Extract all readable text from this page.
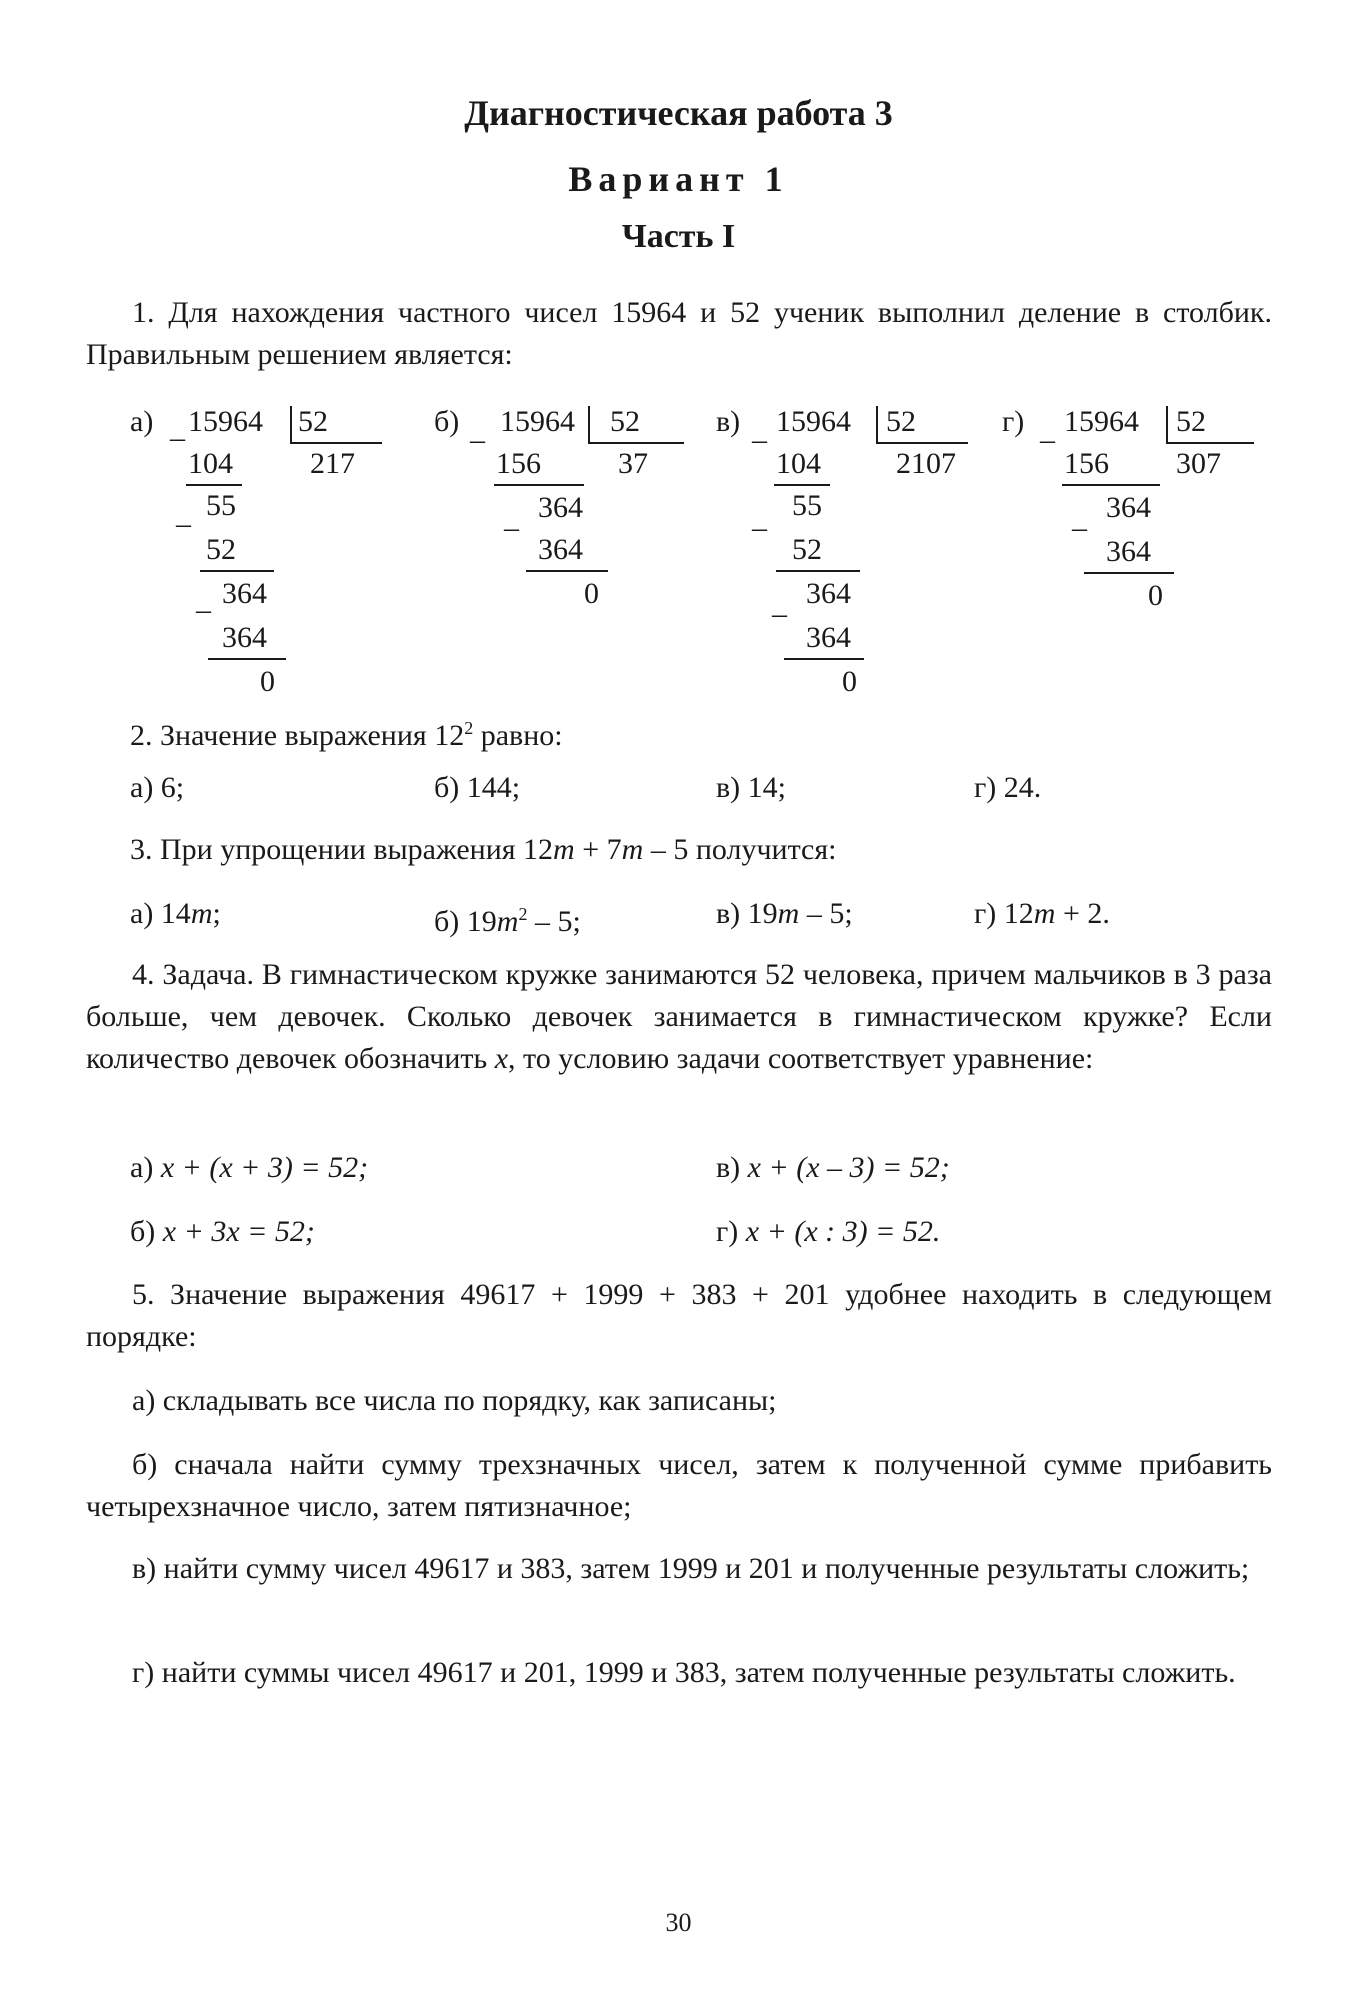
Диагностическая работа 3
Вариант 1
Часть I

1. Для нахождения частного чисел 15964 и 52 ученик выполнил деление в столбик. Правильным решением является:

а) _ 15964 52
217
104
–
55
52
– 364
364
0
б)
–
15964 52
37
156
–
364
364
0
в)
–
15964 52
2107
104
–
55
52
–
364
364
0
г)
–
15964 52
307
156
–
364
364
0
2. Значение выражения $12^2$ равно:
а) 6;	б) 144;	в) 14;	г) 24.
3. При упрощении выражения 12m + 7m – 5 получится:
а) 14m;	б) $19m^2 - 5$;	в) 19m – 5;	г) 12m + 2.

4. Задача. В гимнастическом кружке занимаются 52 человека, причем мальчиков в 3 раза больше, чем девочек. Сколько девочек занимается в гимнастическом кружке? Если количество девочек обозначить x, то условию задачи соответствует уравнение:

а) x + (x + 3) = 52;	в) x + (x – 3) = 52;
б) x + 3x = 52;	г) x + (x : 3) = 52.

5. Значение выражения 49617 + 1999 + 383 + 201 удобнее находить в следующем порядке:

а) складывать все числа по порядку, как записаны;

б) сначала найти сумму трехзначных чисел, затем к полученной сумме прибавить четырехзначное число, затем пятизначное;

в) найти сумму чисел 49617 и 383, затем 1999 и 201 и полученные результаты сложить;

г) найти суммы чисел 49617 и 201, 1999 и 383, затем полученные результаты сложить.

30
